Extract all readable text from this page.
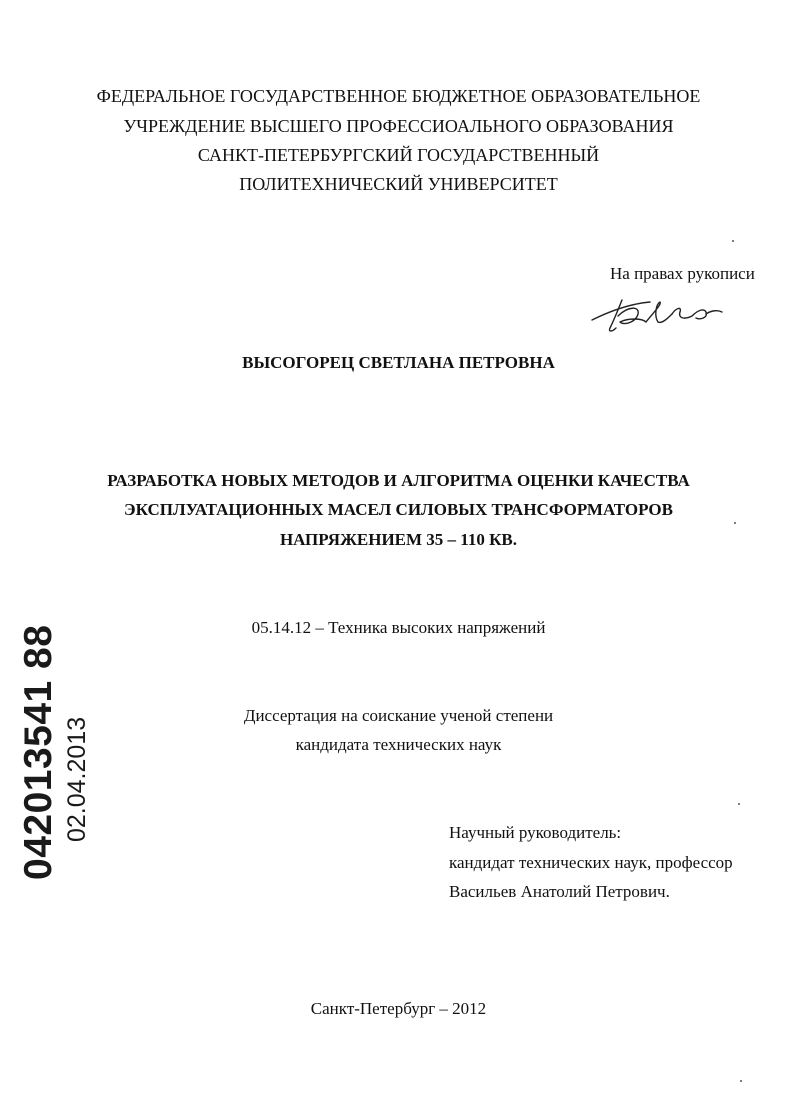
ФЕДЕРАЛЬНОЕ ГОСУДАРСТВЕННОЕ БЮДЖЕТНОЕ ОБРАЗОВАТЕЛЬНОЕ
УЧРЕЖДЕНИЕ ВЫСШЕГО ПРОФЕССИОАЛЬНОГО ОБРАЗОВАНИЯ
САНКТ-ПЕТЕРБУРГСКИЙ ГОСУДАРСТВЕННЫЙ
ПОЛИТЕХНИЧЕСКИЙ УНИВЕРСИТЕТ
На правах рукописи
ВЫСОГОРЕЦ СВЕТЛАНА ПЕТРОВНА
РАЗРАБОТКА НОВЫХ МЕТОДОВ И АЛГОРИТМА ОЦЕНКИ КАЧЕСТВА
ЭКСПЛУАТАЦИОННЫХ МАСЕЛ СИЛОВЫХ ТРАНСФОРМАТОРОВ
НАПРЯЖЕНИЕМ 35 – 110 КВ.
05.14.12 – Техника высоких напряжений
Диссертация на соискание ученой степени
кандидата технических наук
Научный руководитель:
кандидат технических наук, профессор
Васильев Анатолий Петрович.
Санкт-Петербург – 2012
042013541 88 02.04.2013
